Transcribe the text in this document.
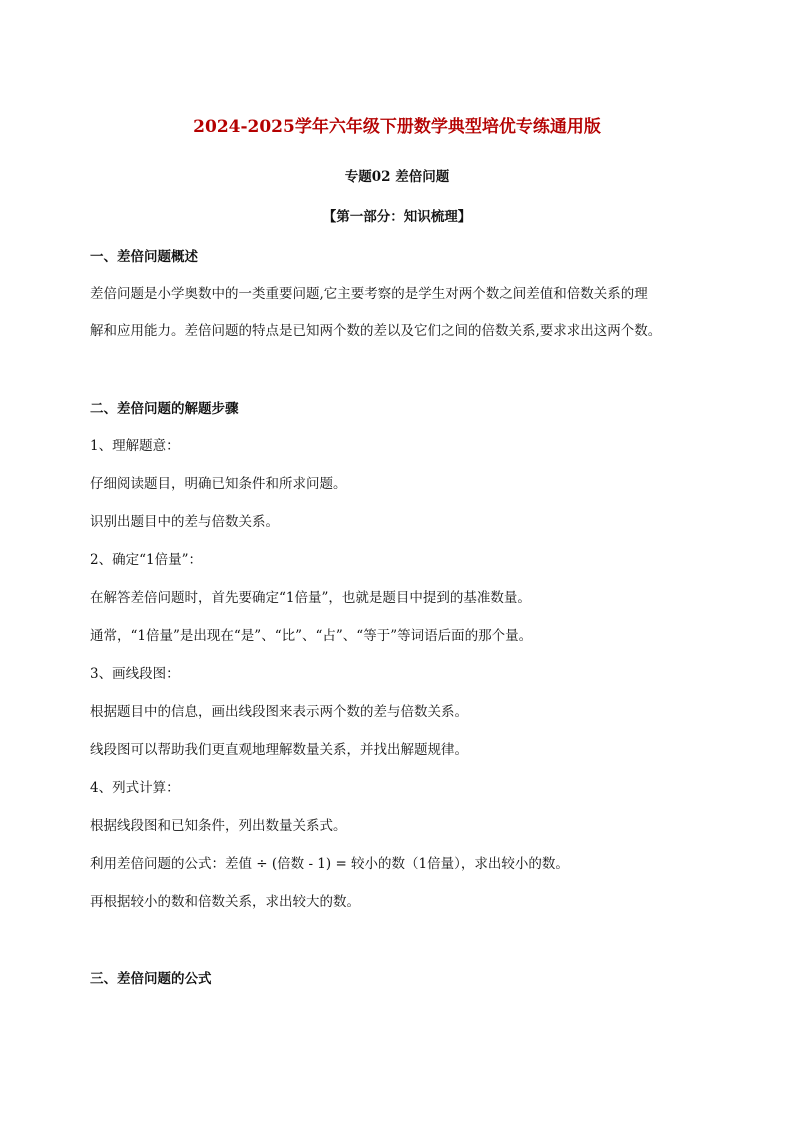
2024-2025学年六年级下册数学典型培优专练通用版
专题02 差倍问题
【第一部分：知识梳理】
一、差倍问题概述
差倍问题是小学奥数中的一类重要问题,它主要考察的是学生对两个数之间差值和倍数关系的理
解和应用能力。差倍问题的特点是已知两个数的差以及它们之间的倍数关系,要求求出这两个数。
二、差倍问题的解题步骤
1、理解题意：
仔细阅读题目，明确已知条件和所求问题。
识别出题目中的差与倍数关系。
2、确定“1倍量”：
在解答差倍问题时，首先要确定“1倍量”，也就是题目中提到的基准数量。
通常，“1倍量”是出现在“是”、“比”、“占”、“等于”等词语后面的那个量。
3、画线段图：
根据题目中的信息，画出线段图来表示两个数的差与倍数关系。
线段图可以帮助我们更直观地理解数量关系，并找出解题规律。
4、列式计算：
根据线段图和已知条件，列出数量关系式。
利用差倍问题的公式：差值 ÷ (倍数 - 1) = 较小的数（1倍量），求出较小的数。
再根据较小的数和倍数关系，求出较大的数。
三、差倍问题的公式
